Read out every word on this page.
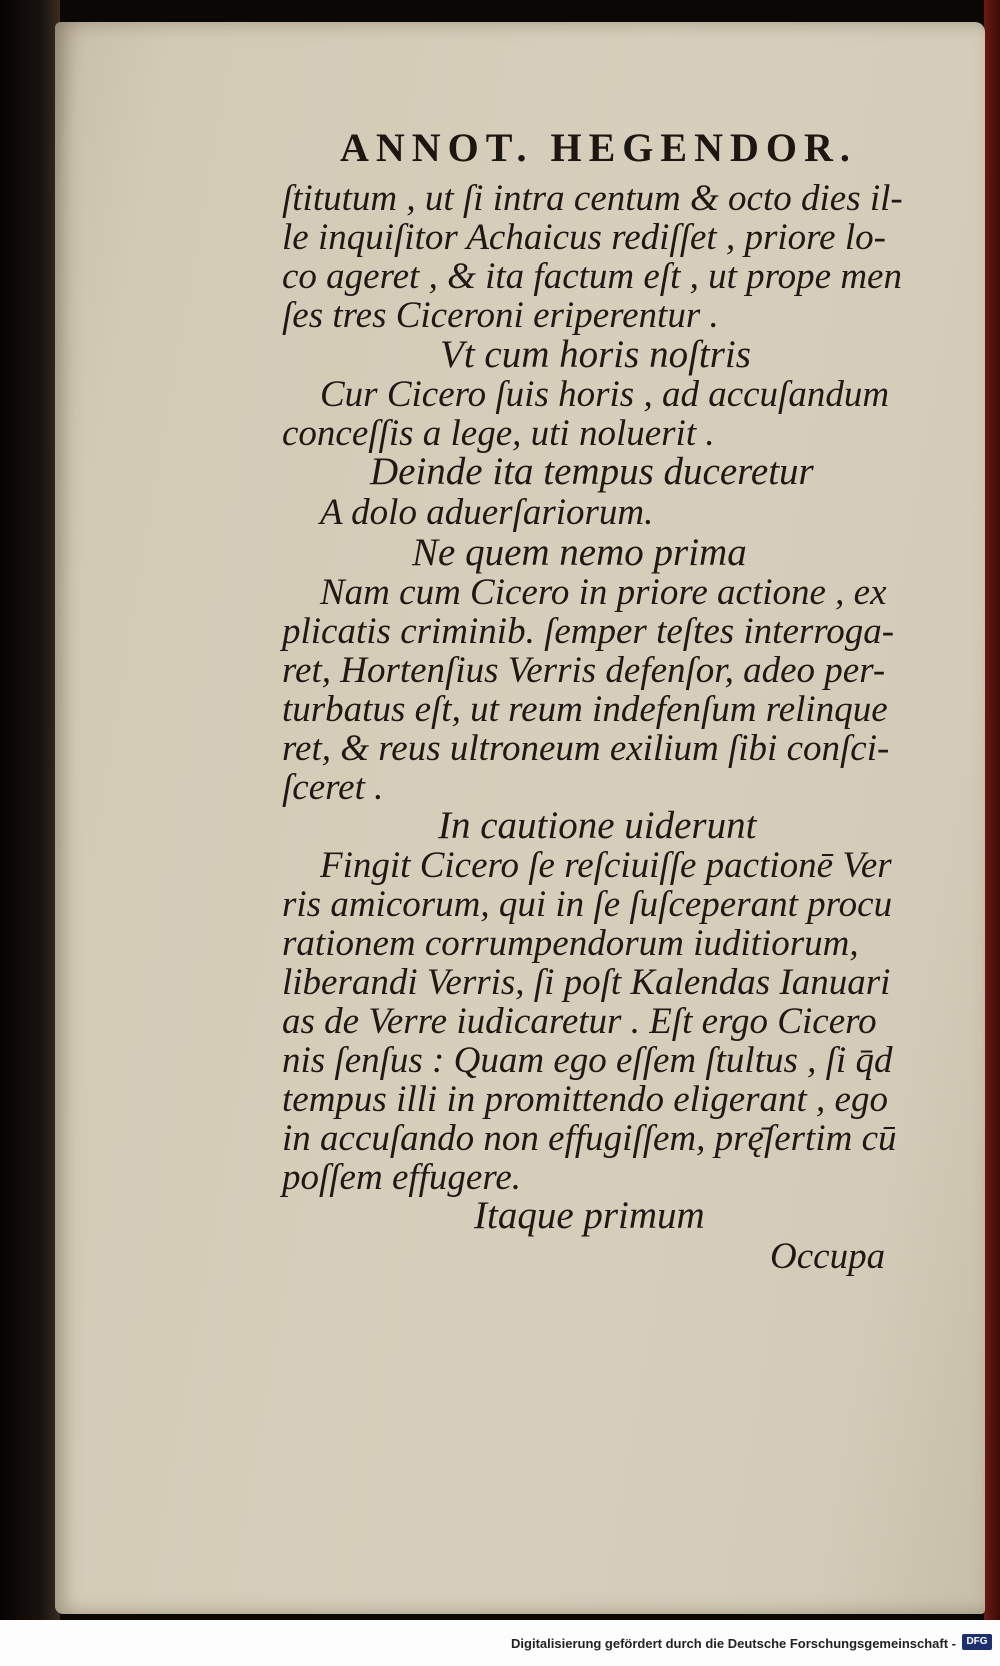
ANNOT. HEGENDOR.

ſtitutum , ut ſi intra centum & octo dies il-

le inquiſitor Achaicus rediſſet , priore lo-

co ageret , & ita factum eſt , ut prope men

ſes tres Ciceroni eriperentur .

Vt cum horis noſtris

Cur Cicero ſuis horis , ad accuſandum

conceſſis a lege, uti noluerit .

Deinde ita tempus duceretur

A dolo aduerſariorum.

Ne quem nemo prima

Nam cum Cicero in priore actione , ex

plicatis criminib. ſemper teſtes interroga-

ret, Hortenſius Verris defenſor, adeo per-

turbatus eſt, ut reum indefenſum relinque

ret, & reus ultroneum exilium ſibi conſci-

ſceret .

In cautione uiderunt

Fingit Cicero ſe reſciuiſſe pactionē Ver

ris amicorum, qui in ſe ſuſceperant procu

rationem corrumpendorum iuditiorum,

liberandi Verris, ſi poſt Kalendas Ianuari

as de Verre iudicaretur . Eſt ergo Cicero

nis ſenſus : Quam ego eſſem ſtultus , ſi q̄d

tempus illi in promittendo eligerant , ego

in accuſando non effugiſſem, prę̄ſertim cū

poſſem effugere.

Itaque primum

Occupa

Digitalisierung gefördert durch die Deutsche Forschungsgemeinschaft -	DFG
